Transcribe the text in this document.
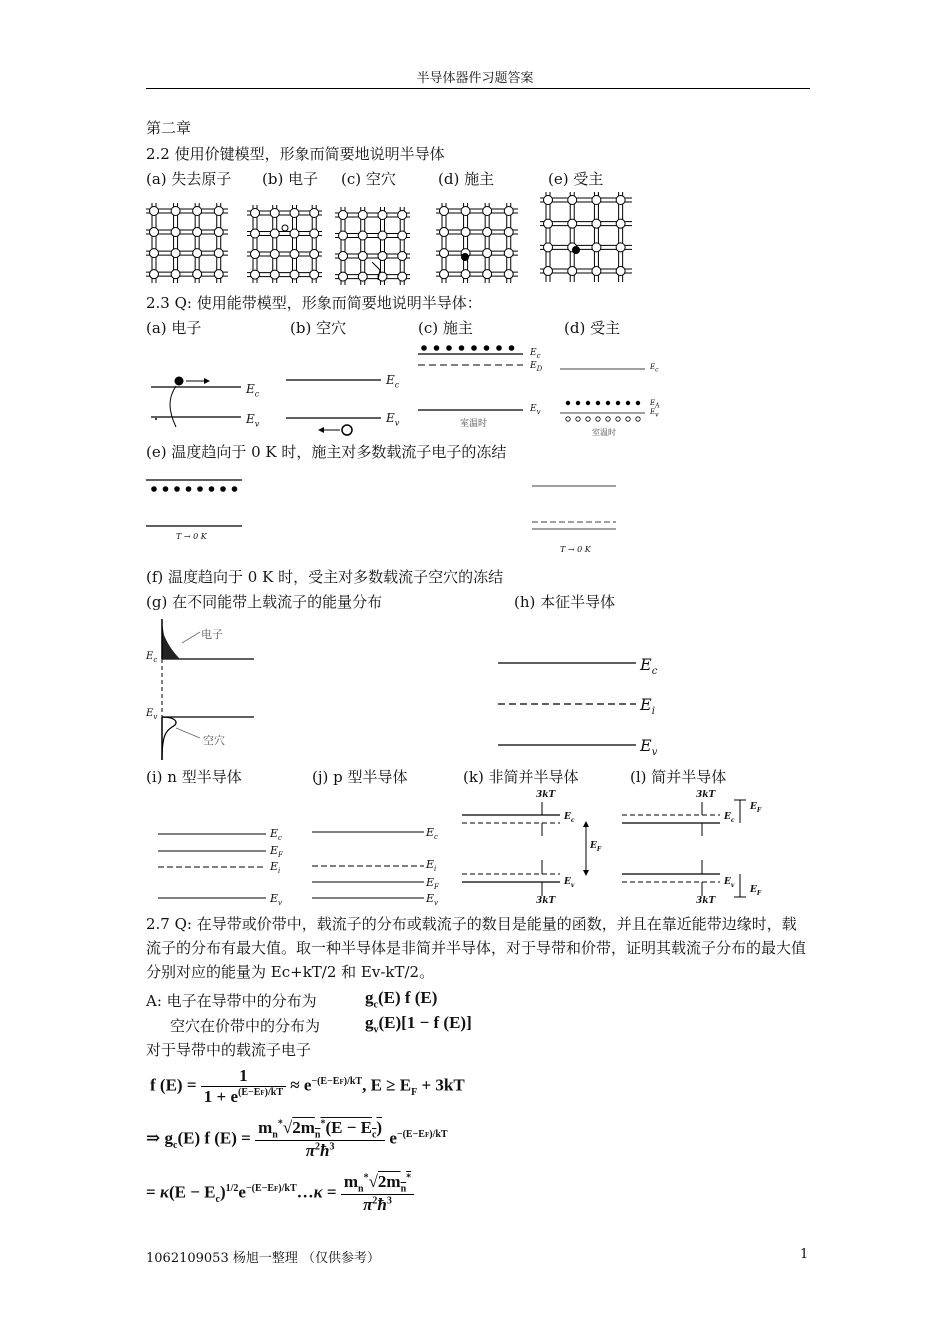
半导体器件习题答案
第二章
2.2 使用价键模型，形象而简要地说明半导体
(a) 失去原子 (b) 电子 (c) 空穴	(d) 施主	(e) 受主
2.3 Q: 使用能带模型，形象而简要地说明半导体：
(a) 电子	(b) 空穴	(c) 施主	(d) 受主
$E_c$
$E_v$
$E_c$
$E_v$
$E_c$
$E_D$
$E_v$
室温时
$E_c$
$E_A$
$E_v$
室温时
(e) 温度趋向于 0 K 时，施主对多数载流子电子的冻结
T → 0 K
T → 0 K
(f) 温度趋向于 0 K 时，受主对多数载流子空穴的冻结
(g) 在不同能带上载流子的能量分布	(h) 本征半导体
电子
空穴
$E_c$
$E_v$
$E_c$
$E_i$
$E_v$
(i) n 型半导体	(j) p 型半导体	(k) 非简并半导体	(l) 简并半导体
$E_c$
$E_F$
$E_i$
$E_v$
$E_c$
$E_i$
$E_F$
$E_v$
3kT
3kT
$E_c$
$E_v$
$E_F$
3kT
3kT
$E_c$
$E_v$
$E_F$
$E_F$
2.7 Q: 在导带或价带中，载流子的分布或载流子的数目是能量的函数，并且在靠近能带边缘时，载流子的分布有最大值。取一种半导体是非简并半导体，对于导带和价带，证明其载流子分布的最大值分别对应的能量为 Ec+kT/2 和 Ev-kT/2。
A: 电子在导带中的分布为	$g_c(E)$ f (E)
空穴在价带中的分布为	$g_v(E)[1 - f$ (E)]
对于导带中的载流子电子
f $(E) = \frac{1}{1 + e^{(E-EF)/kT}} \approx e^{-(E-EF)/kT}$, $E \ge E_F + 3kT$
⇒ $g_c(E)$ f $(E) = \frac{m_n^*√2m_n^*(E - E_c)}{\pi^2ħ^3} e^{-(E-EF)/kT}$
= $\kappa(E - E_c)^{1/2}e^{-(E-EF)/kT}\dots\kappa = \frac{m_n^*√2m_n^*}{\pi^2ħ^3}$
1062109053 杨旭一整理 （仅供参考）	1
